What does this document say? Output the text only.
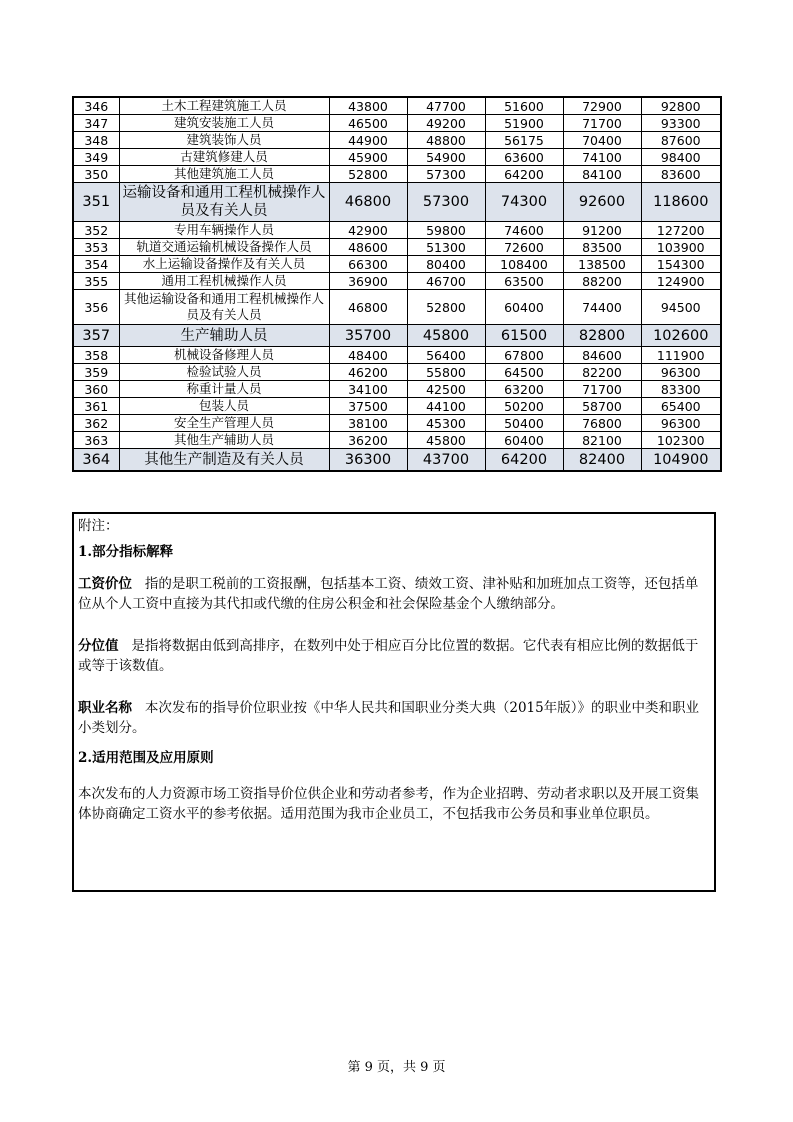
346	土木工程建筑施工人员	43800	47700	51600	72900	92800
347	建筑安装施工人员	46500	49200	51900	71700	93300
348	建筑装饰人员	44900	48800	56175	70400	87600
349	古建筑修建人员	45900	54900	63600	74100	98400
350	其他建筑施工人员	52800	57300	64200	84100	83600
351	运输设备和通用工程机械操作人员及有关人员	46800	57300	74300	92600	118600
352	专用车辆操作人员	42900	59800	74600	91200	127200
353	轨道交通运输机械设备操作人员	48600	51300	72600	83500	103900
354	水上运输设备操作及有关人员	66300	80400	108400	138500	154300
355	通用工程机械操作人员	36900	46700	63500	88200	124900
356	其他运输设备和通用工程机械操作人员及有关人员	46800	52800	60400	74400	94500
357	生产辅助人员	35700	45800	61500	82800	102600
358	机械设备修理人员	48400	56400	67800	84600	111900
359	检验试验人员	46200	55800	64500	82200	96300
360	称重计量人员	34100	42500	63200	71700	83300
361	包装人员	37500	44100	50200	58700	65400
362	安全生产管理人员	38100	45300	50400	76800	96300
363	其他生产辅助人员	36200	45800	60400	82100	102300
364	其他生产制造及有关人员	36300	43700	64200	82400	104900

附注：

1.部分指标解释

工资价位 指的是职工税前的工资报酬，包括基本工资、绩效工资、津补贴和加班加点工资等，还包括单位从个人工资中直接为其代扣或代缴的住房公积金和社会保险基金个人缴纳部分。

分位值 是指将数据由低到高排序，在数列中处于相应百分比位置的数据。它代表有相应比例的数据低于或等于该数值。

职业名称 本次发布的指导价位职业按《中华人民共和国职业分类大典（2015年版）》的职业中类和职业小类划分。

2.适用范围及应用原则

本次发布的人力资源市场工资指导价位供企业和劳动者参考，作为企业招聘、劳动者求职以及开展工资集体协商确定工资水平的参考依据。适用范围为我市企业员工，不包括我市公务员和事业单位职员。

第 9 页，共 9 页
